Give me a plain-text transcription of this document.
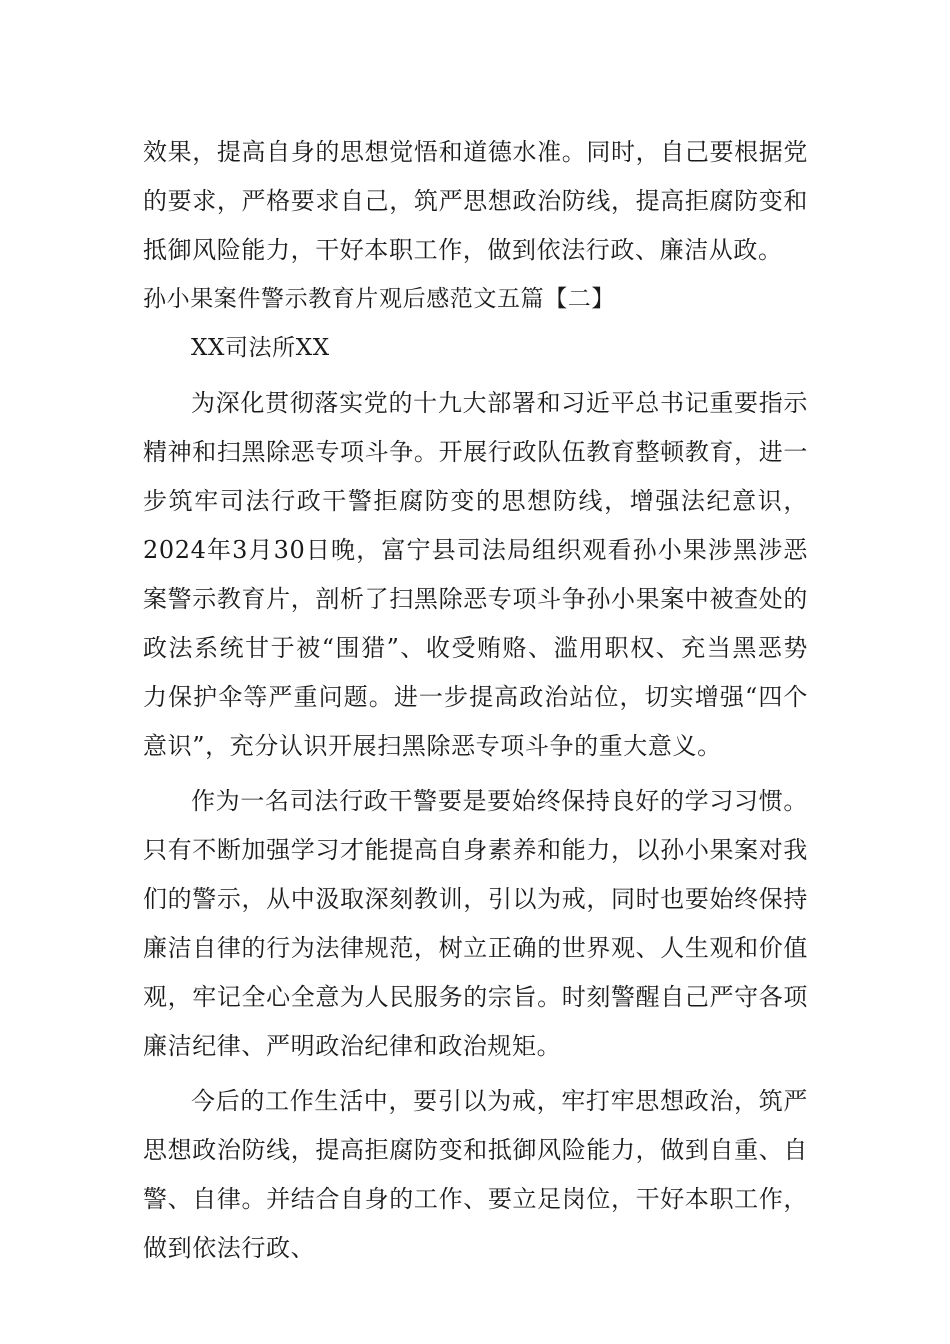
效果，提高自身的思想觉悟和道德水准。同时，自己要根据党的要求，严格要求自己，筑严思想政治防线，提高拒腐防变和抵御风险能力，干好本职工作，做到依法行政、廉洁从政。

孙小果案件警示教育片观后感范文五篇【二】

XX司法所XX

为深化贯彻落实党的十九大部署和习近平总书记重要指示精神和扫黑除恶专项斗争。开展行政队伍教育整顿教育，进一步筑牢司法行政干警拒腐防变的思想防线，增强法纪意识，2024年3月30日晚，富宁县司法局组织观看孙小果涉黑涉恶案警示教育片，剖析了扫黑除恶专项斗争孙小果案中被查处的政法系统甘于被“围猎”、收受贿赂、滥用职权、充当黑恶势力保护伞等严重问题。进一步提高政治站位，切实增强“四个意识”，充分认识开展扫黑除恶专项斗争的重大意义。

作为一名司法行政干警要是要始终保持良好的学习习惯。只有不断加强学习才能提高自身素养和能力，以孙小果案对我们的警示，从中汲取深刻教训，引以为戒，同时也要始终保持廉洁自律的行为法律规范，树立正确的世界观、人生观和价值观，牢记全心全意为人民服务的宗旨。时刻警醒自己严守各项廉洁纪律、严明政治纪律和政治规矩。

今后的工作生活中，要引以为戒，牢打牢思想政治，筑严思想政治防线，提高拒腐防变和抵御风险能力，做到自重、自警、自律。并结合自身的工作、要立足岗位，干好本职工作，做到依法行政、
